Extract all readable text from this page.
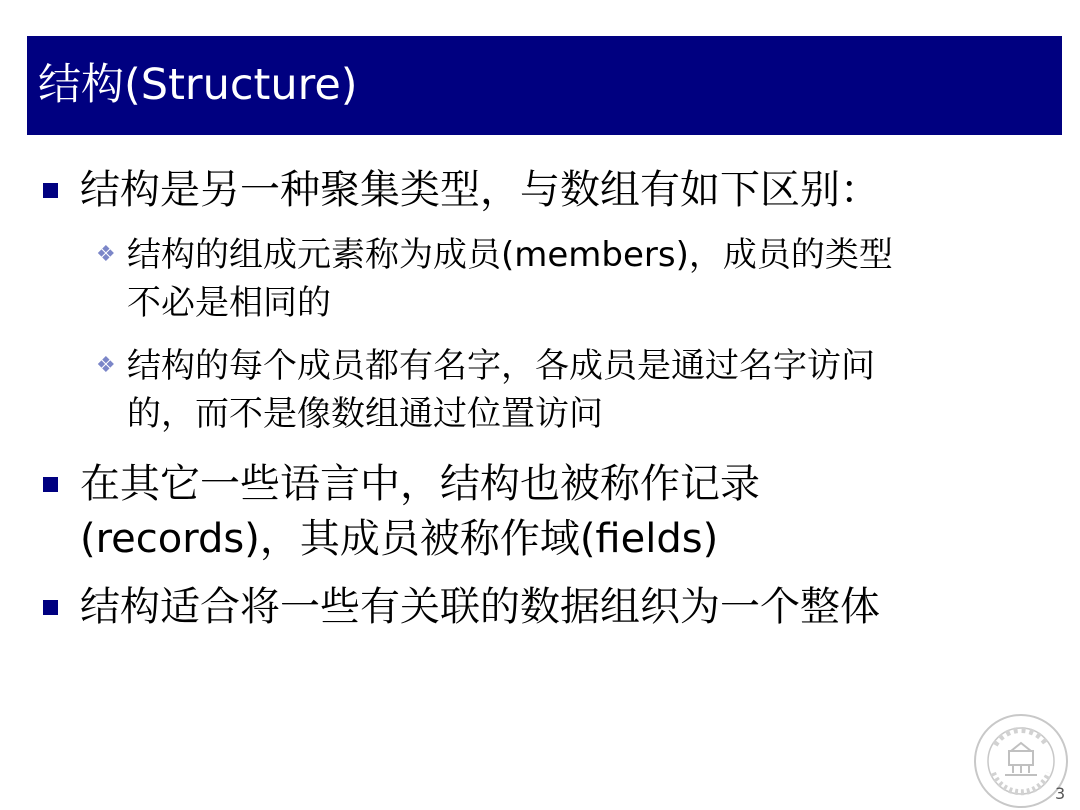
结构(Structure)
结构是另一种聚集类型，与数组有如下区别：
❖ 结构的组成元素称为成员(members)，成员的类型
不必是相同的
❖ 结构的每个成员都有名字，各成员是通过名字访问
的，而不是像数组通过位置访问
在其它一些语言中，结构也被称作记录
(records)，其成员被称作域(fields)
结构适合将一些有关联的数据组织为一个整体
3
